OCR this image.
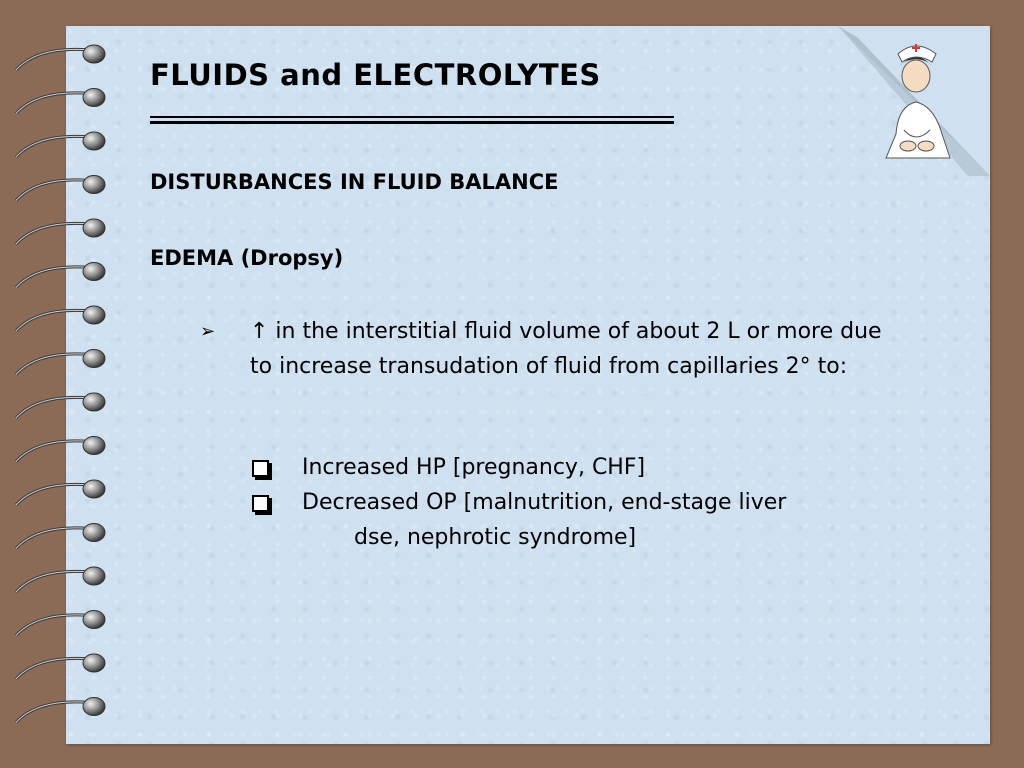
FLUIDS and ELECTROLYTES
DISTURBANCES IN FLUID BALANCE
EDEMA (Dropsy)
➢ ↑ in the interstitial fluid volume of about 2 L or more due to increase transudation of fluid from capillaries 2° to:
Increased HP [pregnancy, CHF]
Decreased OP [malnutrition, end-stage liver
dse, nephrotic syndrome]
